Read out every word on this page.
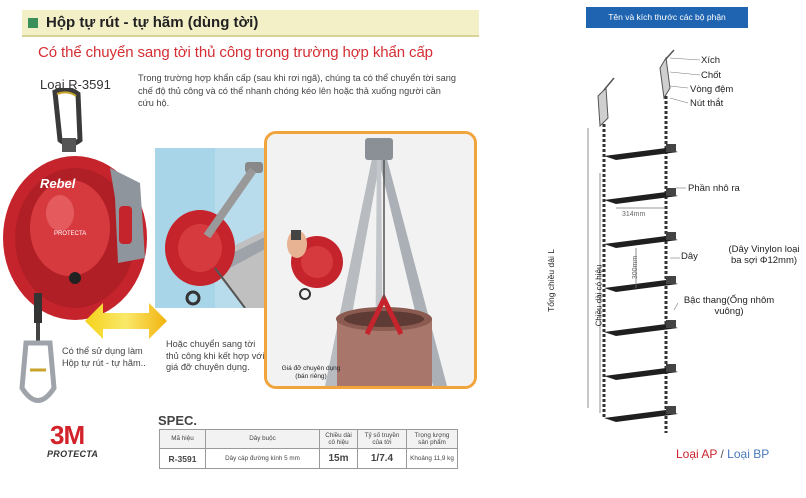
Hộp tự rút - tự hãm (dùng tời)
Có thể chuyển sang tời thủ công trong trường hợp khẩn cấp
Loại R-3591	Trong trường hợp khẩn cấp (sau khi rơi ngã), chúng ta có thể chuyển tời sang chế độ thủ công và có thể nhanh chóng kéo lên hoặc thả xuống người cần cứu hộ.
Rebel
PROTECTA
Có thể sử dụng làm Hộp tự rút - tự hãm..
Hoặc chuyển sang tời thủ công khi kết hợp với giá đỡ chuyên dụng.	Giá đỡ chuyên dụng (bán riêng)
3M
PROTECTA
SPEC.
Mã hiệu	Dây buộc	Chiều dài cô hiệu	Tỷ số truyền của tời	Trọng lượng sản phẩm
R-3591	Dây cáp đường kính 5 mm	15m	1/7.4	Khoảng 11,9 kg
Tên và kích thước các bộ phận
Xích
Chốt
Vòng đệm
Nút thắt
Phần nhô ra
Dây
(Dây Vinylon loại ba sợi Φ12mm)
Bậc thang(Ống nhôm vuông)
Tổng chiều dài L	Chiều dài có hiệu
314mm
300mm
Loại AP / Loại BP
